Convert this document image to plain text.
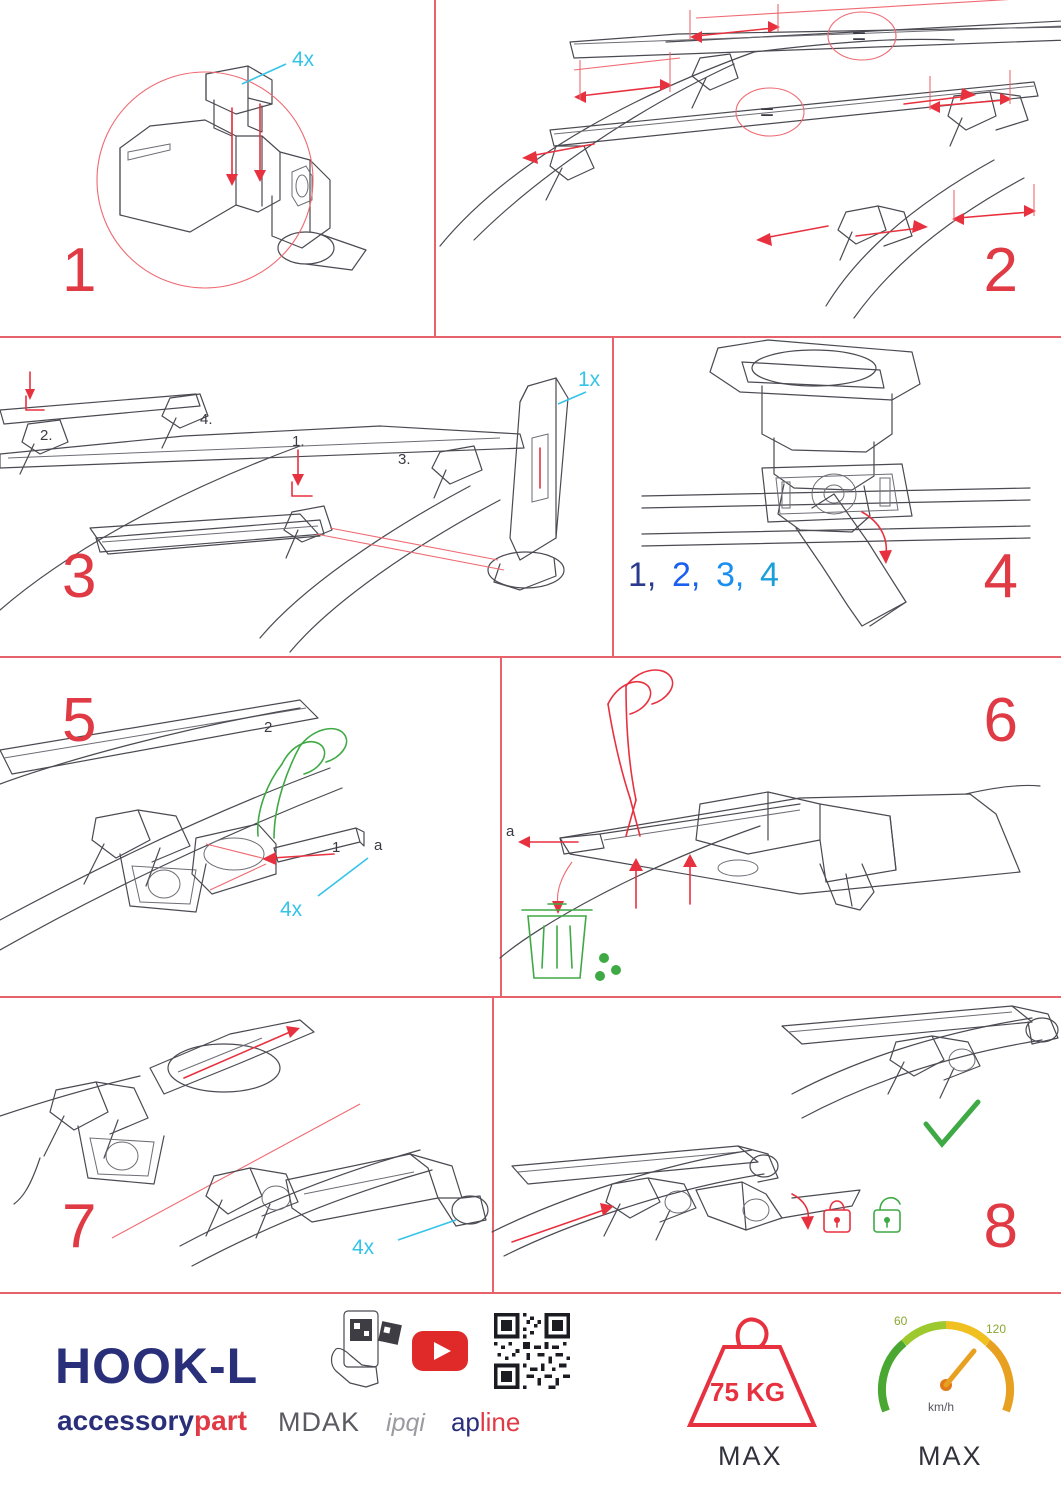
4x
1
=
=
2
2.
4.
3.
1.
1x
3	1, 2, 3, 4	4
2
1 a
4x
5
a
6
4x
7	8
HOOK-L
accessorypart MDAK ipqi apline
75 KG
MAX
60
120
km/h
MAX
